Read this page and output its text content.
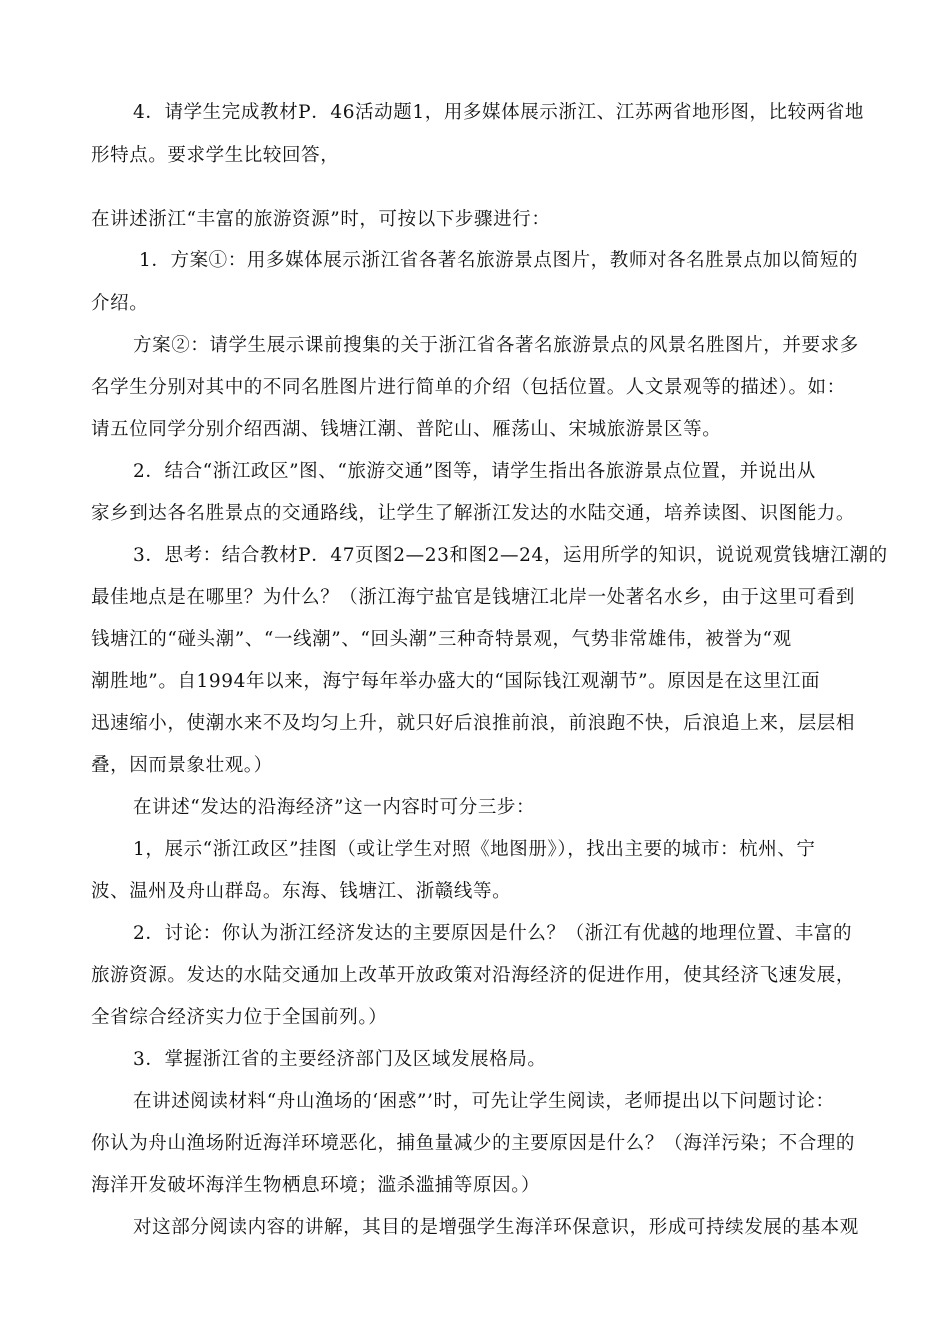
4．请学生完成教材P．46活动题1，用多媒体展示浙江、江苏两省地形图，比较两省地
形特点。要求学生比较回答，
在讲述浙江“丰富的旅游资源”时，可按以下步骤进行：
1．方案①：用多媒体展示浙江省各著名旅游景点图片，教师对各名胜景点加以简短的
介绍。
方案②：请学生展示课前搜集的关于浙江省各著名旅游景点的风景名胜图片，并要求多
名学生分别对其中的不同名胜图片进行简单的介绍（包括位置。人文景观等的描述）。如：
请五位同学分别介绍西湖、钱塘江潮、普陀山、雁荡山、宋城旅游景区等。
2．结合“浙江政区”图、“旅游交通”图等，请学生指出各旅游景点位置，并说出从
家乡到达各名胜景点的交通路线，让学生了解浙江发达的水陆交通，培养读图、识图能力。
3．思考：结合教材P．47页图2—23和图2—24，运用所学的知识，说说观赏钱塘江潮的
最佳地点是在哪里？为什么？（浙江海宁盐官是钱塘江北岸一处著名水乡，由于这里可看到
钱塘江的“碰头潮”、“一线潮”、“回头潮”三种奇特景观，气势非常雄伟，被誉为“观
潮胜地”。自1994年以来，海宁每年举办盛大的“国际钱江观潮节”。原因是在这里江面
迅速缩小，使潮水来不及均匀上升，就只好后浪推前浪，前浪跑不快，后浪追上来，层层相
叠，因而景象壮观。）
在讲述“发达的沿海经济”这一内容时可分三步：
1，展示“浙江政区”挂图（或让学生对照《地图册》），找出主要的城市：杭州、宁
波、温州及舟山群岛。东海、钱塘江、浙赣线等。
2．讨论：你认为浙江经济发达的主要原因是什么？（浙江有优越的地理位置、丰富的
旅游资源。发达的水陆交通加上改革开放政策对沿海经济的促进作用，使其经济飞速发展，
全省综合经济实力位于全国前列。）
3．掌握浙江省的主要经济部门及区域发展格局。
在讲述阅读材料“舟山渔场的‘困惑”’时，可先让学生阅读，老师提出以下问题讨论：
你认为舟山渔场附近海洋环境恶化，捕鱼量减少的主要原因是什么？（海洋污染；不合理的
海洋开发破坏海洋生物栖息环境；滥杀滥捕等原因。）
对这部分阅读内容的讲解，其目的是增强学生海洋环保意识，形成可持续发展的基本观
